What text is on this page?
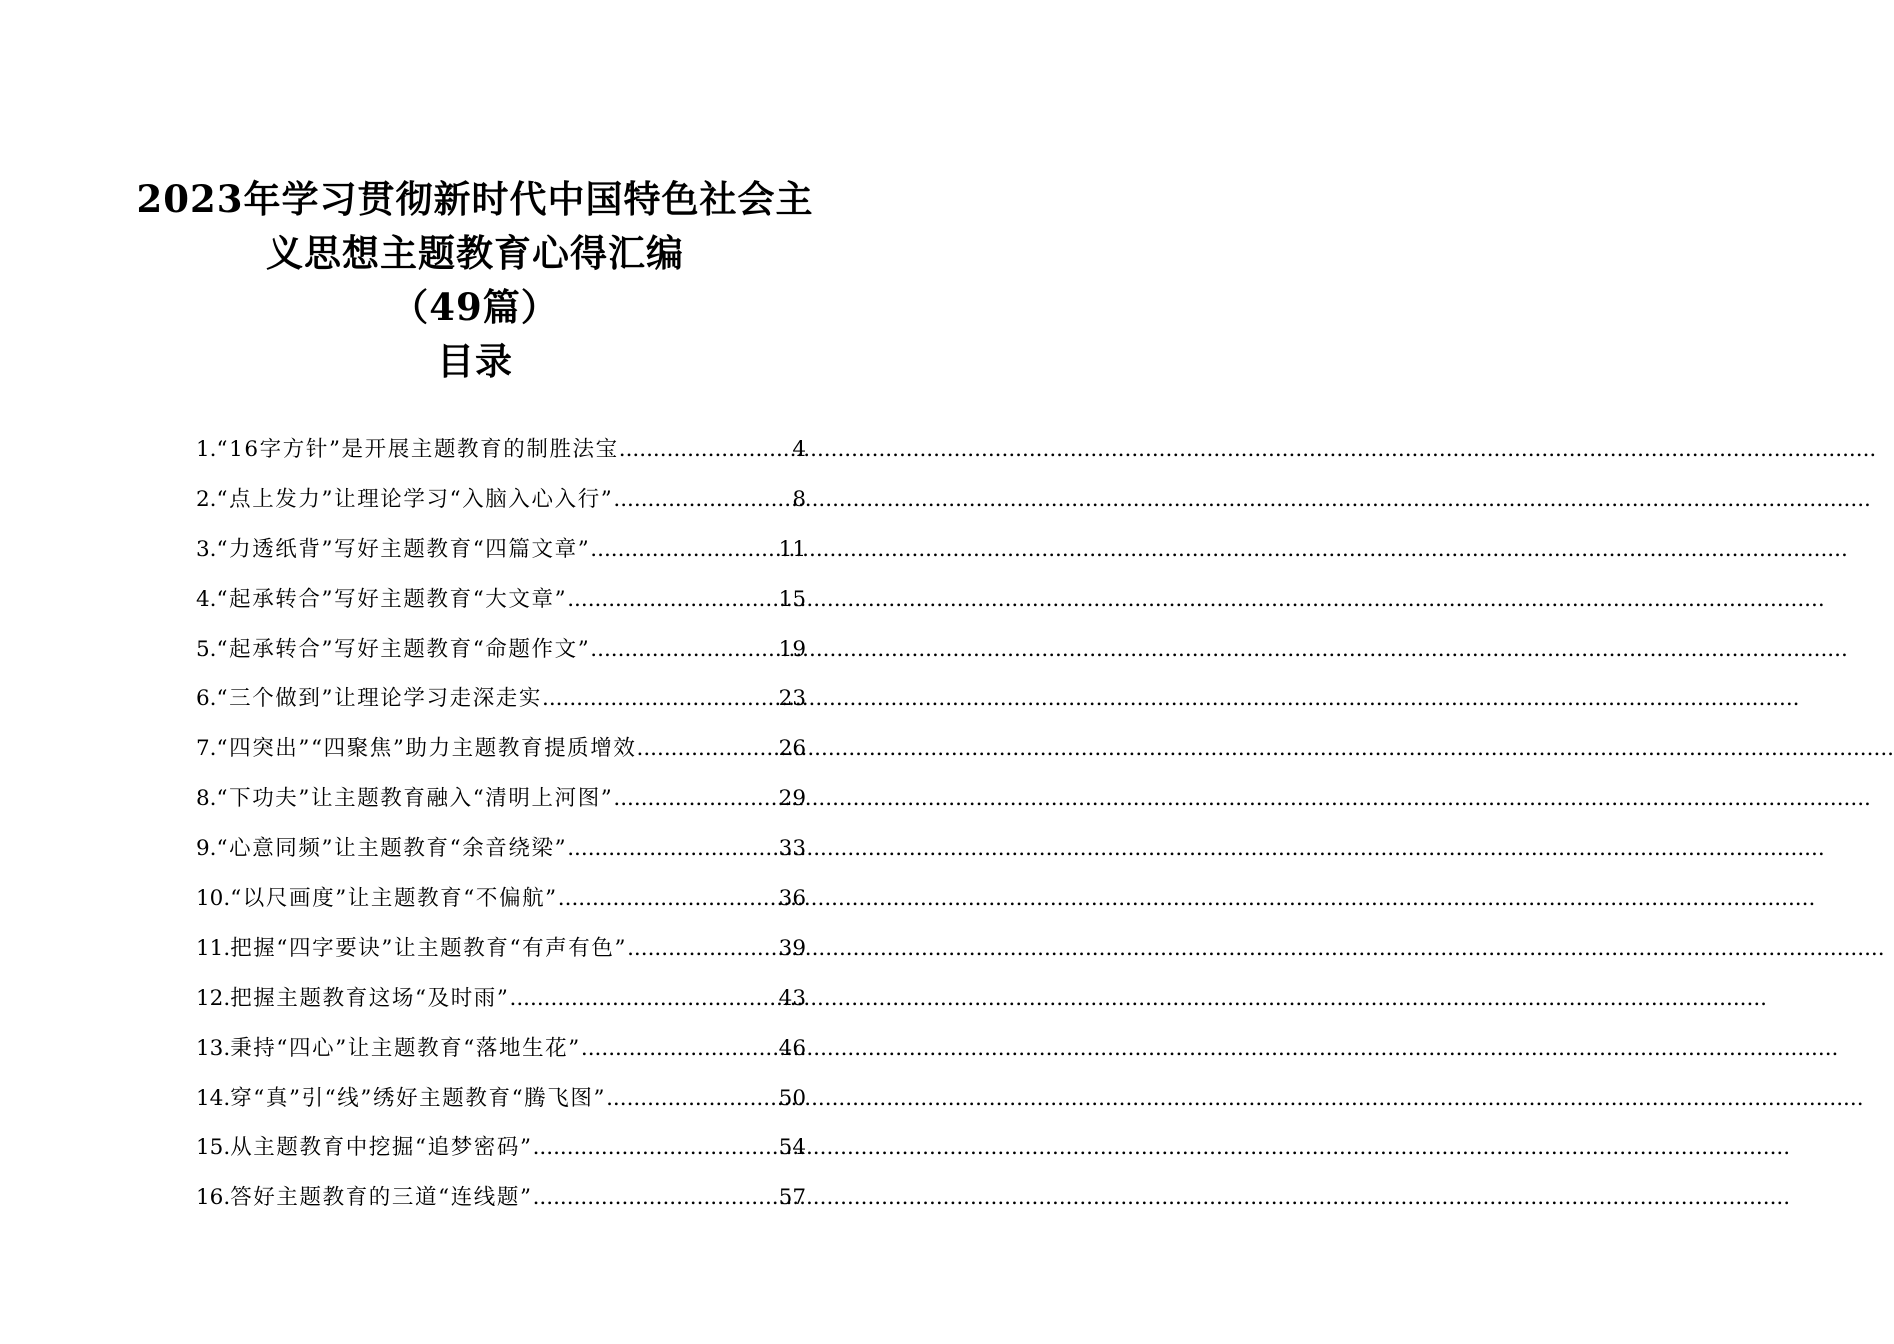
2023年学习贯彻新时代中国特色社会主
义思想主题教育心得汇编
（49篇）
目录
1. “16字方针”是开展主题教育的制胜法宝 .....	4
2. “点上发力”让理论学习“入脑入心入行” .....	8
3. “力透纸背”写好主题教育“四篇文章” .....	11
4. “起承转合”写好主题教育“大文章” .....	15
5. “起承转合”写好主题教育“命题作文” .....	19
6. “三个做到”让理论学习走深走实 .....	23
7. “四突出”“四聚焦”助力主题教育提质增效 .....	26
8. “下功夫”让主题教育融入“清明上河图” .....	29
9. “心意同频”让主题教育“余音绕梁” .....	33
10. “以尺画度”让主题教育“不偏航” .....	36
11. 把握“四字要诀”让主题教育“有声有色” .....	39
12. 把握主题教育这场“及时雨” .....	43
13. 秉持“四心”让主题教育“落地生花” .....	46
14. 穿“真”引“线”绣好主题教育“腾飞图” .....	50
15. 从主题教育中挖掘“追梦密码” .....	54
16. 答好主题教育的三道“连线题” .....	57
